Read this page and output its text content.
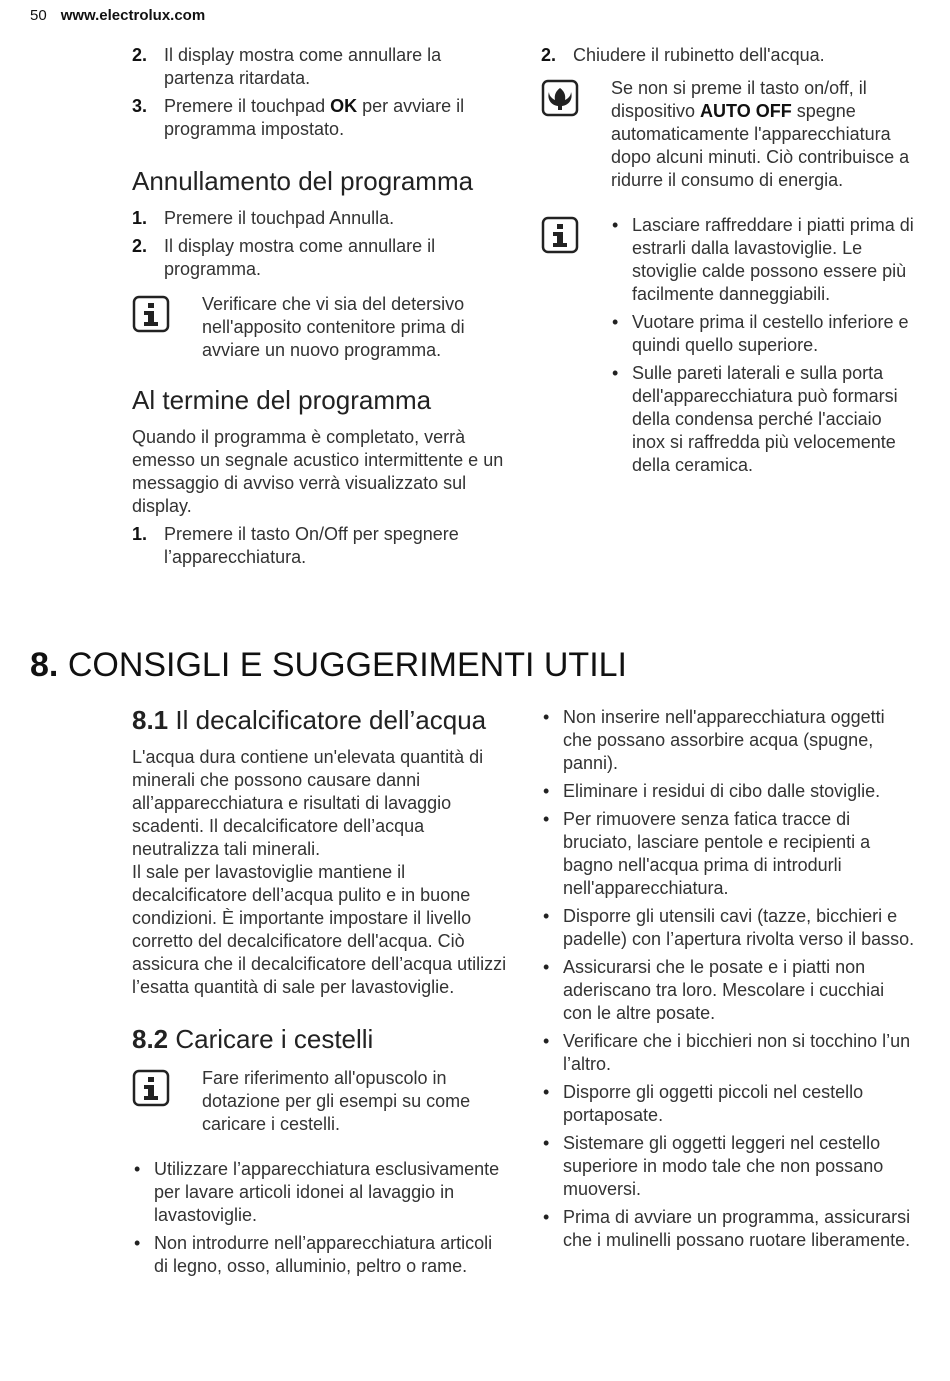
50 www.electrolux.com
2. Il display mostra come annullare la partenza ritardata.
3. Premere il touchpad OK per avviare il programma impostato.
Annullamento del programma
1. Premere il touchpad Annulla.
2. Il display mostra come annullare il programma.

Verificare che vi sia del detersivo nell'apposito contenitore prima di avviare un nuovo programma.

Al termine del programma

Quando il programma è completato, verrà emesso un segnale acustico intermittente e un messaggio di avviso verrà visualizzato sul display.

1. Premere il tasto On/Off per spegnere l’apparecchiatura.
2. Chiudere il rubinetto dell'acqua.

Se non si preme il tasto on/off, il dispositivo AUTO OFF spegne automaticamente l'apparecchiatura dopo alcuni minuti. Ciò contribuisce a ridurre il consumo di energia.

• Lasciare raffreddare i piatti prima di estrarli dalla lavastoviglie. Le stoviglie calde possono essere più facilmente danneggiabili.
• Vuotare prima il cestello inferiore e quindi quello superiore.
• Sulle pareti laterali e sulla porta dell'apparecchiatura può formarsi della condensa perché l'acciaio inox si raffredda più velocemente della ceramica.
8. CONSIGLI E SUGGERIMENTI UTILI
8.1 Il decalcificatore dell’acqua

L'acqua dura contiene un'elevata quantità di minerali che possono causare danni all’apparecchiatura e risultati di lavaggio scadenti. Il decalcificatore dell’acqua neutralizza tali minerali.

Il sale per lavastoviglie mantiene il decalcificatore dell’acqua pulito e in buone condizioni. È importante impostare il livello corretto del decalcificatore dell'acqua. Ciò assicura che il decalcificatore dell’acqua utilizzi l’esatta quantità di sale per lavastoviglie.

8.2 Caricare i cestelli

Fare riferimento all'opuscolo in dotazione per gli esempi su come caricare i cestelli.

• Utilizzare l’apparecchiatura esclusivamente per lavare articoli idonei al lavaggio in lavastoviglie.
• Non introdurre nell’apparecchiatura articoli di legno, osso, alluminio, peltro o rame.
• Non inserire nell'apparecchiatura oggetti che possano assorbire acqua (spugne, panni).
• Eliminare i residui di cibo dalle stoviglie.
• Per rimuovere senza fatica tracce di bruciato, lasciare pentole e recipienti a bagno nell'acqua prima di introdurli nell'apparecchiatura.
• Disporre gli utensili cavi (tazze, bicchieri e padelle) con l’apertura rivolta verso il basso.
• Assicurarsi che le posate e i piatti non aderiscano tra loro. Mescolare i cucchiai con le altre posate.
• Verificare che i bicchieri non si tocchino l’un l’altro.
• Disporre gli oggetti piccoli nel cestello portaposate.
• Sistemare gli oggetti leggeri nel cestello superiore in modo tale che non possano muoversi.
• Prima di avviare un programma, assicurarsi che i mulinelli possano ruotare liberamente.
